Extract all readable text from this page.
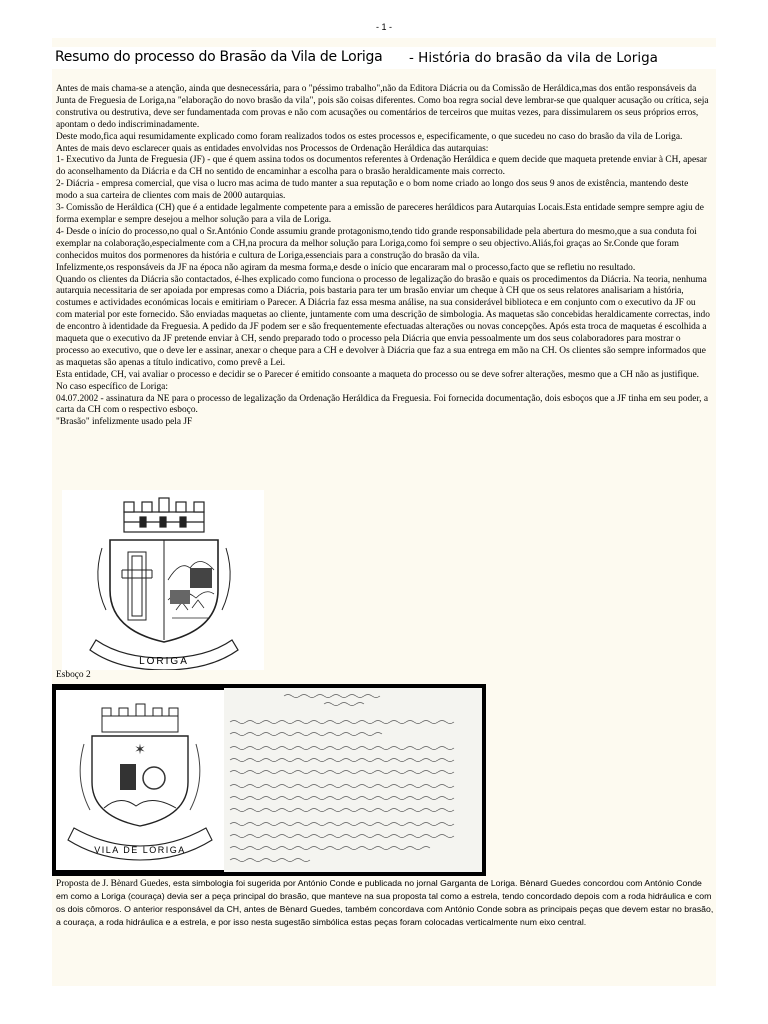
- 1 -
Resumo do processo do Brasão da Vila de Loriga - História do brasão da vila de Loriga

Antes de mais chama-se a atenção, ainda que desnecessária, para o "péssimo trabalho",não da Editora Diácria ou da Comissão de Heráldica,mas dos então responsáveis da Junta de Freguesia de Loriga,na "elaboração do novo brasão da vila", pois são coisas diferentes. Como boa regra social deve lembrar-se que qualquer acusação ou crítica, seja construtiva ou destrutiva, deve ser fundamentada com provas e não com acusações ou comentários de terceiros que muitas vezes, para dissimularem os seus próprios erros, apontam o dedo indiscriminadamente.

Deste modo,fica aqui resumidamente explicado como foram realizados todos os estes processos e, especificamente, o que sucedeu no caso do brasão da vila de Loriga.

Antes de mais devo esclarecer quais as entidades envolvidas nos Processos de Ordenação Heráldica das autarquias:

1- Executivo da Junta de Freguesia (JF) - que é quem assina todos os documentos referentes à Ordenação Heráldica e quem decide que maqueta pretende enviar à CH, apesar do aconselhamento da Diácria e da CH no sentido de encaminhar a escolha para o brasão heraldicamente mais correcto.

2- Diácria - empresa comercial, que visa o lucro mas acima de tudo manter a sua reputação e o bom nome criado ao longo dos seus 9 anos de existência, mantendo deste modo a sua carteira de clientes com mais de 2000 autarquias.

3- Comissão de Heráldica (CH) que é a entidade legalmente competente para a emissão de pareceres heráldicos para Autarquias Locais.Esta entidade sempre sempre agiu de forma exemplar e sempre desejou a melhor solução para a vila de Loriga.

4- Desde o início do processo,no qual o Sr.António Conde assumiu grande protagonismo,tendo tido grande responsabilidade pela abertura do mesmo,que a sua conduta foi exemplar na colaboração,especialmente com a CH,na procura da melhor solução para Loriga,como foi sempre o seu objectivo.Aliás,foi graças ao Sr.Conde que foram conhecidos muitos dos pormenores da história e cultura de Loriga,essenciais para a construção do brasão da vila.

Infelizmente,os responsáveis da JF na época não agiram da mesma forma,e desde o início que encararam mal o processo,facto que se refletiu no resultado.

Quando os clientes da Diácria são contactados, é-lhes explicado como funciona o processo de legalização do brasão e quais os procedimentos da Diácria. Na teoria, nenhuma autarquia necessitaria de ser apoiada por empresas como a Diácria, pois bastaria para ter um brasão enviar um cheque à CH que os seus relatores analisariam a história, costumes e actividades económicas locais e emitiriam o Parecer. A Diácria faz essa mesma análise, na sua considerável biblioteca e em conjunto com o executivo da JF ou com material por este fornecido. São enviadas maquetas ao cliente, juntamente com uma descrição de simbologia. As maquetas são concebidas heraldicamente correctas, indo de encontro à identidade da Freguesia. A pedido da JF podem ser e são frequentemente efectuadas alterações ou novas concepções. Após esta troca de maquetas é escolhida a maqueta que o executivo da JF pretende enviar à CH, sendo preparado todo o processo pela Diácria que envia pessoalmente um dos seus colaboradores para mostrar o processo ao executivo, que o deve ler e assinar, anexar o cheque para a CH e devolver à Diácria que faz a sua entrega em mão na CH. Os clientes são sempre informados que as maquetas são apenas a título indicativo, como prevê a Lei.

Esta entidade, CH, vai avaliar o processo e decidir se o Parecer é emitido consoante a maqueta do processo ou se deve sofrer alterações, mesmo que a CH não as justifique.

No caso específico de Loriga:

04.07.2002 - assinatura da NE para o processo de legalização da Ordenação Heráldica da Freguesia. Foi fornecida documentação, dois esboços que a JF tinha em seu poder, a carta da CH com o respectivo esboço.

"Brasão" infelizmente usado pela JF

LORIGA
Esboço 2
✶
VILA DE LORIGA
Proposta de J. Bènard Guedes, esta simbologia foi sugerida por António Conde e publicada no jornal Garganta de Loriga. Bènard Guedes concordou com António Conde em como a Loriga (couraça) devia ser a peça principal do brasão, que manteve na sua proposta tal como a estrela, tendo concordado depois com a roda hidráulica e com os dois cômoros. O anterior responsável da CH, antes de Bènard Guedes, também concordava com António Conde sobra as principais peças que devem estar no brasão, a couraça, a roda hidráulica e a estrela, e por isso nesta sugestão simbólica estas peças foram colocadas verticalmente num eixo central.
